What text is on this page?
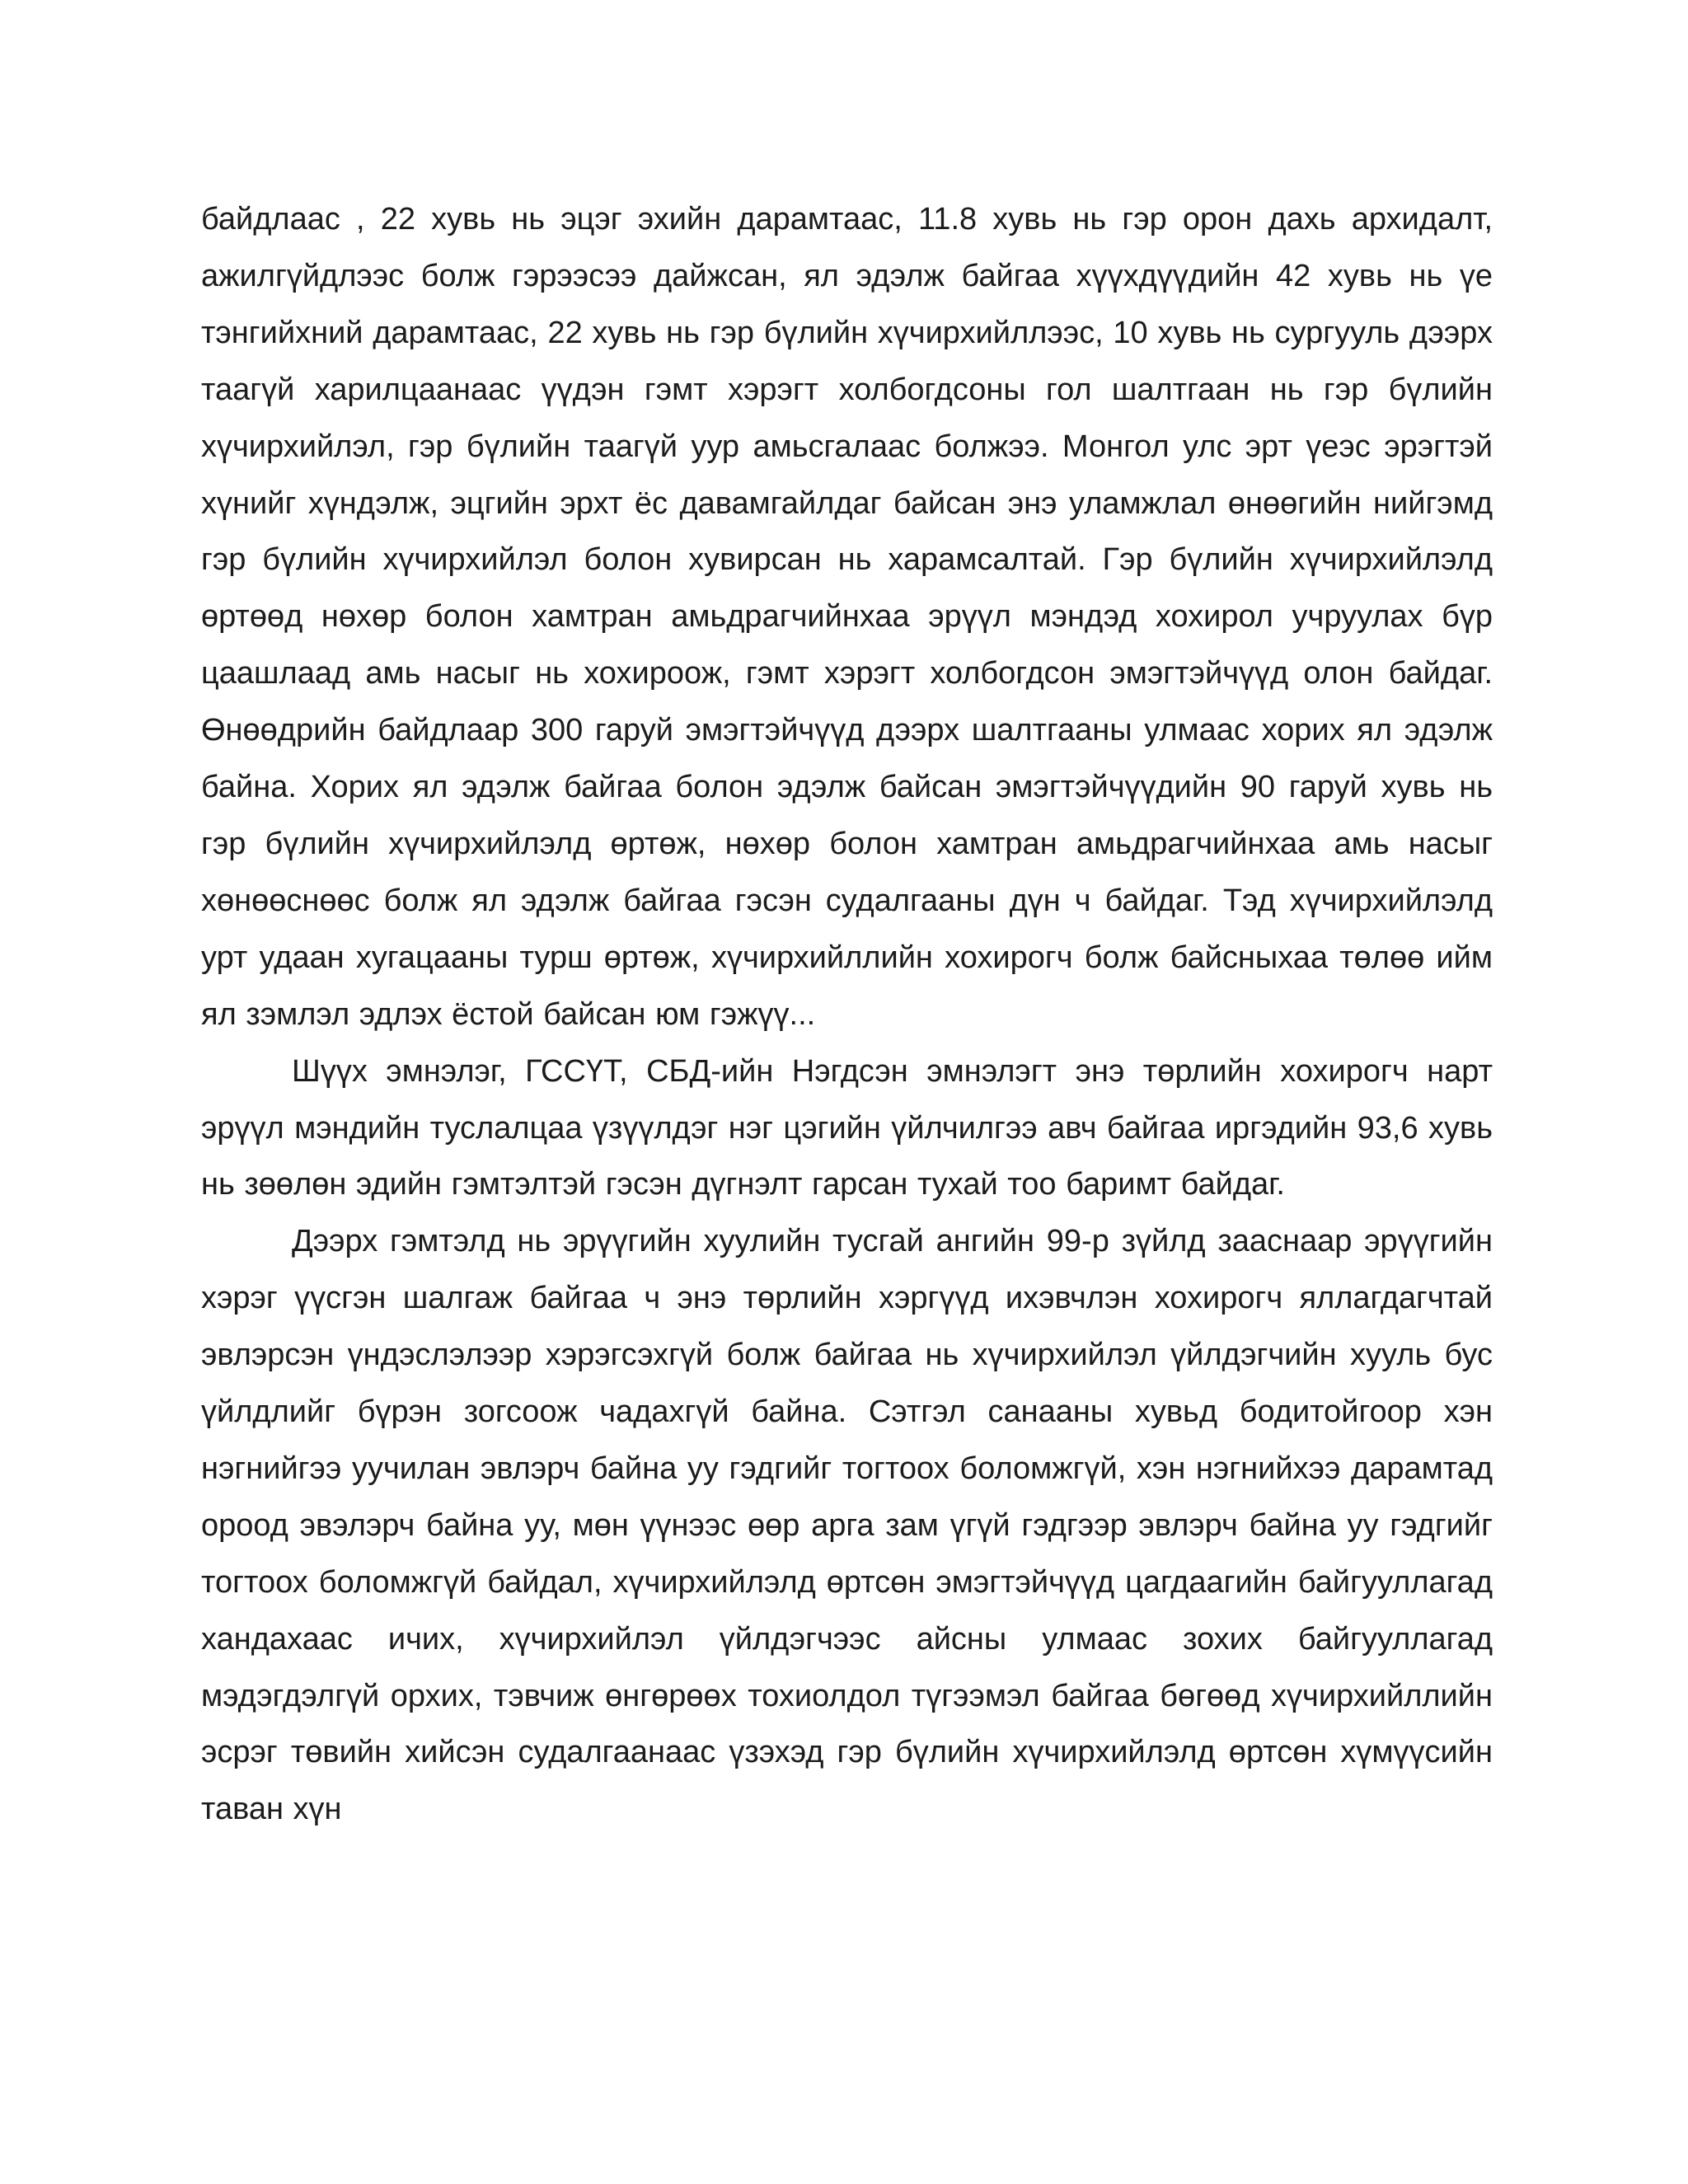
байдлаас , 22 хувь нь эцэг эхийн дарамтаас, 11.8 хувь нь гэр орон дахь архидалт, ажилгүйдлээс болж гэрээсээ дайжсан, ял эдэлж байгаа хүүхдүүдийн 42 хувь нь үе тэнгийхний дарамтаас, 22 хувь нь гэр бүлийн хүчирхийллээс, 10 хувь нь сургууль дээрх таагүй харилцаанаас үүдэн гэмт хэрэгт холбогдсоны гол шалтгаан нь гэр бүлийн хүчирхийлэл, гэр бүлийн таагүй уур амьсгалаас болжээ. Монгол улс эрт үеэс эрэгтэй хүнийг хүндэлж, эцгийн эрхт ёс давамгайлдаг байсан энэ уламжлал өнөөгийн нийгэмд гэр бүлийн хүчирхийлэл болон хувирсан нь харамсалтай. Гэр бүлийн хүчирхийлэлд өртөөд нөхөр болон хамтран амьдрагчийнхаа эрүүл мэндэд хохирол учруулах бүр цаашлаад амь насыг нь хохироож, гэмт хэрэгт холбогдсон эмэгтэйчүүд олон байдаг. Өнөөдрийн байдлаар 300 гаруй эмэгтэйчүүд дээрх шалтгааны улмаас хорих ял эдэлж байна. Хорих ял эдэлж байгаа болон эдэлж байсан эмэгтэйчүүдийн 90 гаруй хувь нь гэр бүлийн хүчирхийлэлд өртөж, нөхөр болон хамтран амьдрагчийнхаа амь насыг хөнөөснөөс болж ял эдэлж байгаа гэсэн судалгааны дүн ч байдаг. Тэд хүчирхийлэлд урт удаан хугацааны турш өртөж, хүчирхийллийн хохирогч болж байсныхаа төлөө ийм ял зэмлэл эдлэх ёстой байсан юм гэжүү...

Шүүх эмнэлэг, ГССҮТ, СБД-ийн Нэгдсэн эмнэлэгт энэ төрлийн хохирогч нарт эрүүл мэндийн туслалцаа үзүүлдэг нэг цэгийн үйлчилгээ авч байгаа иргэдийн 93,6 хувь нь зөөлөн эдийн гэмтэлтэй гэсэн дүгнэлт гарсан тухай тоо баримт байдаг.

Дээрх гэмтэлд нь эрүүгийн хуулийн тусгай ангийн 99-р зүйлд зааснаар эрүүгийн хэрэг үүсгэн шалгаж байгаа ч энэ төрлийн хэргүүд ихэвчлэн хохирогч яллагдагчтай эвлэрсэн үндэслэлээр хэрэгсэхгүй болж байгаа нь хүчирхийлэл үйлдэгчийн хууль бус үйлдлийг бүрэн зогсоож чадахгүй байна. Сэтгэл санааны хувьд бодитойгоор хэн нэгнийгээ уучилан эвлэрч байна уу гэдгийг тогтоох боломжгүй, хэн нэгнийхээ дарамтад ороод эвэлэрч байна уу, мөн үүнээс өөр арга зам үгүй гэдгээр эвлэрч байна уу гэдгийг тогтоох боломжгүй байдал, хүчирхийлэлд өртсөн эмэгтэйчүүд цагдаагийн байгууллагад хандахаас ичих, хүчирхийлэл үйлдэгчээс айсны улмаас зохих байгууллагад мэдэгдэлгүй орхих, тэвчиж өнгөрөөх тохиолдол түгээмэл байгаа бөгөөд хүчирхийллийн эсрэг төвийн хийсэн судалгаанаас үзэхэд гэр бүлийн хүчирхийлэлд өртсөн хүмүүсийн таван хүн
